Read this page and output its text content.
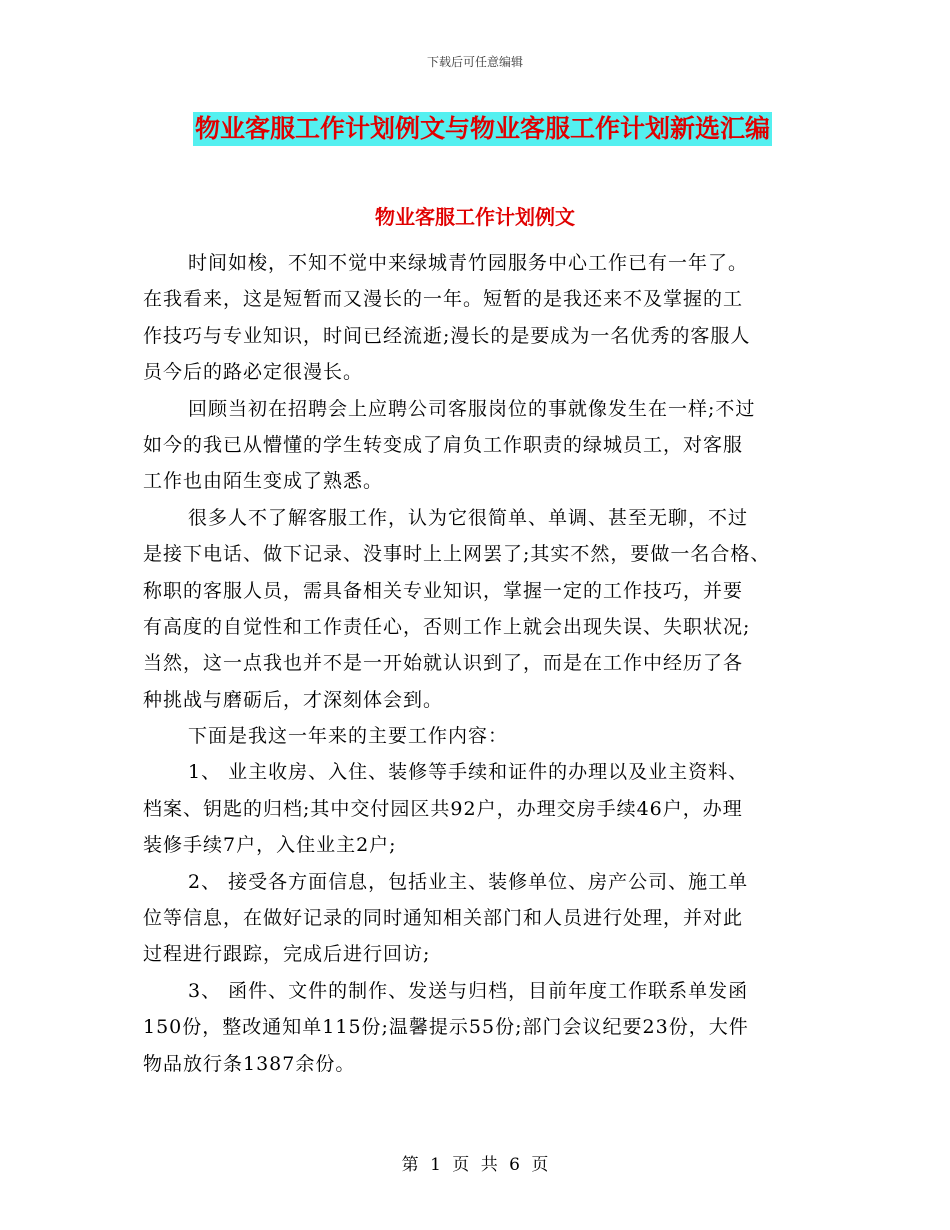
下载后可任意编辑
物业客服工作计划例文与物业客服工作计划新选汇编
物业客服工作计划例文
时间如梭，不知不觉中来绿城青竹园服务中心工作已有一年了。
在我看来，这是短暂而又漫长的一年。短暂的是我还来不及掌握的工
作技巧与专业知识，时间已经流逝;漫长的是要成为一名优秀的客服人
员今后的路必定很漫长。
回顾当初在招聘会上应聘公司客服岗位的事就像发生在一样;不过
如今的我已从懵懂的学生转变成了肩负工作职责的绿城员工，对客服
工作也由陌生变成了熟悉。
很多人不了解客服工作，认为它很简单、单调、甚至无聊，不过
是接下电话、做下记录、没事时上上网罢了;其实不然，要做一名合格、
称职的客服人员，需具备相关专业知识，掌握一定的工作技巧，并要
有高度的自觉性和工作责任心，否则工作上就会出现失误、失职状况;
当然，这一点我也并不是一开始就认识到了，而是在工作中经历了各
种挑战与磨砺后，才深刻体会到。
下面是我这一年来的主要工作内容：
1、 业主收房、入住、装修等手续和证件的办理以及业主资料、
档案、钥匙的归档;其中交付园区共92户，办理交房手续46户，办理
装修手续7户，入住业主2户;
2、 接受各方面信息，包括业主、装修单位、房产公司、施工单
位等信息，在做好记录的同时通知相关部门和人员进行处理，并对此
过程进行跟踪，完成后进行回访;
3、 函件、文件的制作、发送与归档，目前年度工作联系单发函
150份，整改通知单115份;温馨提示55份;部门会议纪要23份，大件
物品放行条1387余份。
第 1 页 共 6 页
